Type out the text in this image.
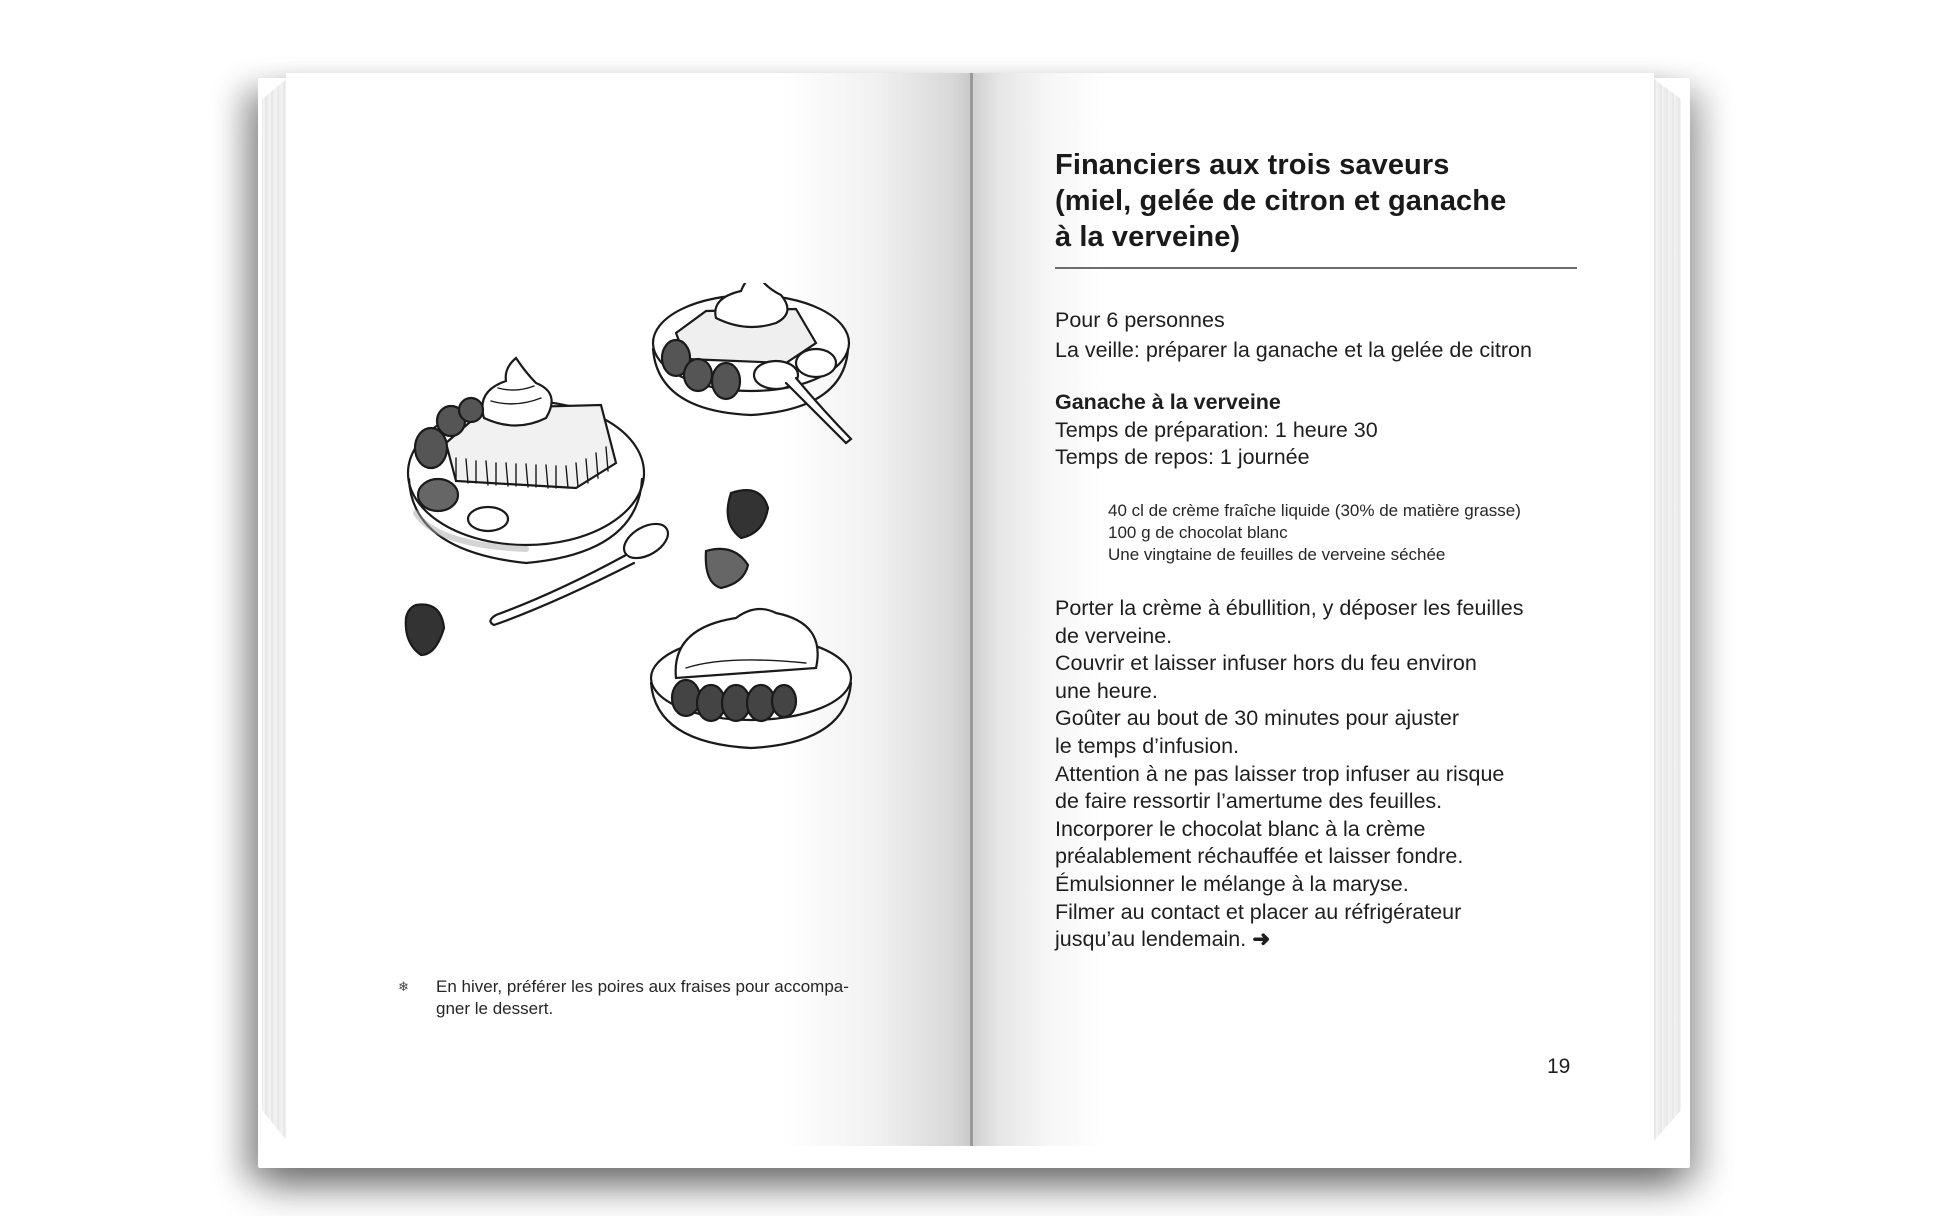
❄ En hiver, préférer les poires aux fraises pour accompa-
gner le dessert.
Financiers aux trois saveurs
(miel, gelée de citron et ganache
à la verveine)
Pour 6 personnes
La veille: préparer la ganache et la gelée de citron
Ganache à la verveine
Temps de préparation: 1 heure 30
Temps de repos: 1 journée
40 cl de crème fraîche liquide (30% de matière grasse)
100 g de chocolat blanc
Une vingtaine de feuilles de verveine séchée
Porter la crème à ébullition, y déposer les feuilles
de verveine.
Couvrir et laisser infuser hors du feu environ
une heure.
Goûter au bout de 30 minutes pour ajuster
le temps d’infusion.
Attention à ne pas laisser trop infuser au risque
de faire ressortir l’amertume des feuilles.
Incorporer le chocolat blanc à la crème
préalablement réchauffée et laisser fondre.
Émulsionner le mélange à la maryse.
Filmer au contact et placer au réfrigérateur
jusqu’au lendemain. ➜
19
